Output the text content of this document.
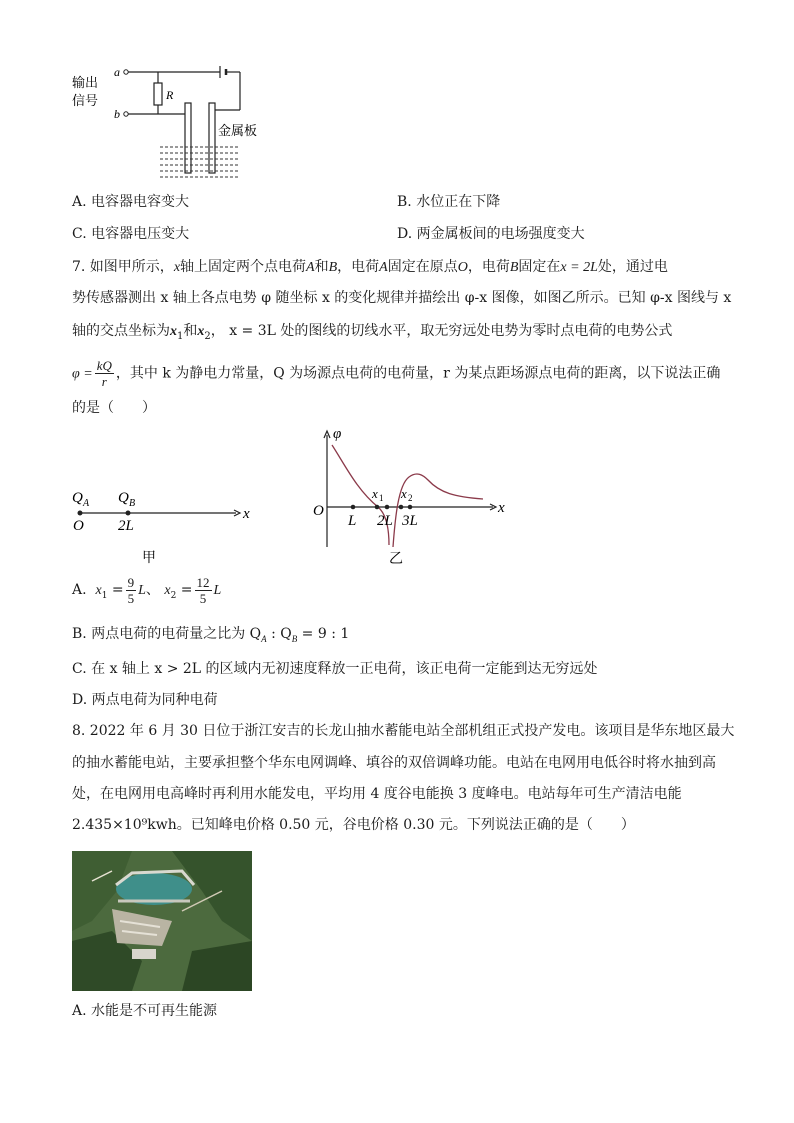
输出
信号
a
b
R
金属板
A. 电容器电容变大	B. 水位正在下降
C. 电容器电压变大	D. 两金属板间的电场强度变大
7. 如图甲所示，x轴上固定两个点电荷A和B，电荷A固定在原点O，电荷B固定在x = 2L处，通过电
势传感器测出 x 轴上各点电势 φ 随坐标 x 的变化规律并描绘出 φ-x 图像，如图乙所示。已知 φ-x 图线与 x
轴的交点坐标为$x_1$和$x_2$， x = 3L 处的图线的切线水平，取无穷远处电势为零时点电荷的电势公式
$\varphi = \frac{kQ}{r}$ ，其中 k 为静电力常量，Q 为场源点电荷的电荷量，r 为某点距场源点电荷的距离，以下说法正确
的是（　　）
Q A Q B
x
O 2L
甲
φ
x
O
L 2L 3L
x 1 x 2
乙
A. $x_1 = \frac{9}{5}$ L、 $x_2 = \frac{12}{5}$ L
B. 两点电荷的电荷量之比为 $Q_A$ : $Q_B = 9$ : 1
C. 在 x 轴上 x > 2L 的区域内无初速度释放一正电荷，该正电荷一定能到达无穷远处
D. 两点电荷为同种电荷
8. 2022 年 6 月 30 日位于浙江安吉的长龙山抽水蓄能电站全部机组正式投产发电。该项目是华东地区最大
的抽水蓄能电站，主要承担整个华东电网调峰、填谷的双倍调峰功能。电站在电网用电低谷时将水抽到高
处，在电网用电高峰时再利用水能发电，平均用 4 度谷电能换 3 度峰电。电站每年可生产清洁电能
2.435×10⁹kwh。已知峰电价格 0.50 元，谷电价格 0.30 元。下列说法正确的是（　　）
A. 水能是不可再生能源
